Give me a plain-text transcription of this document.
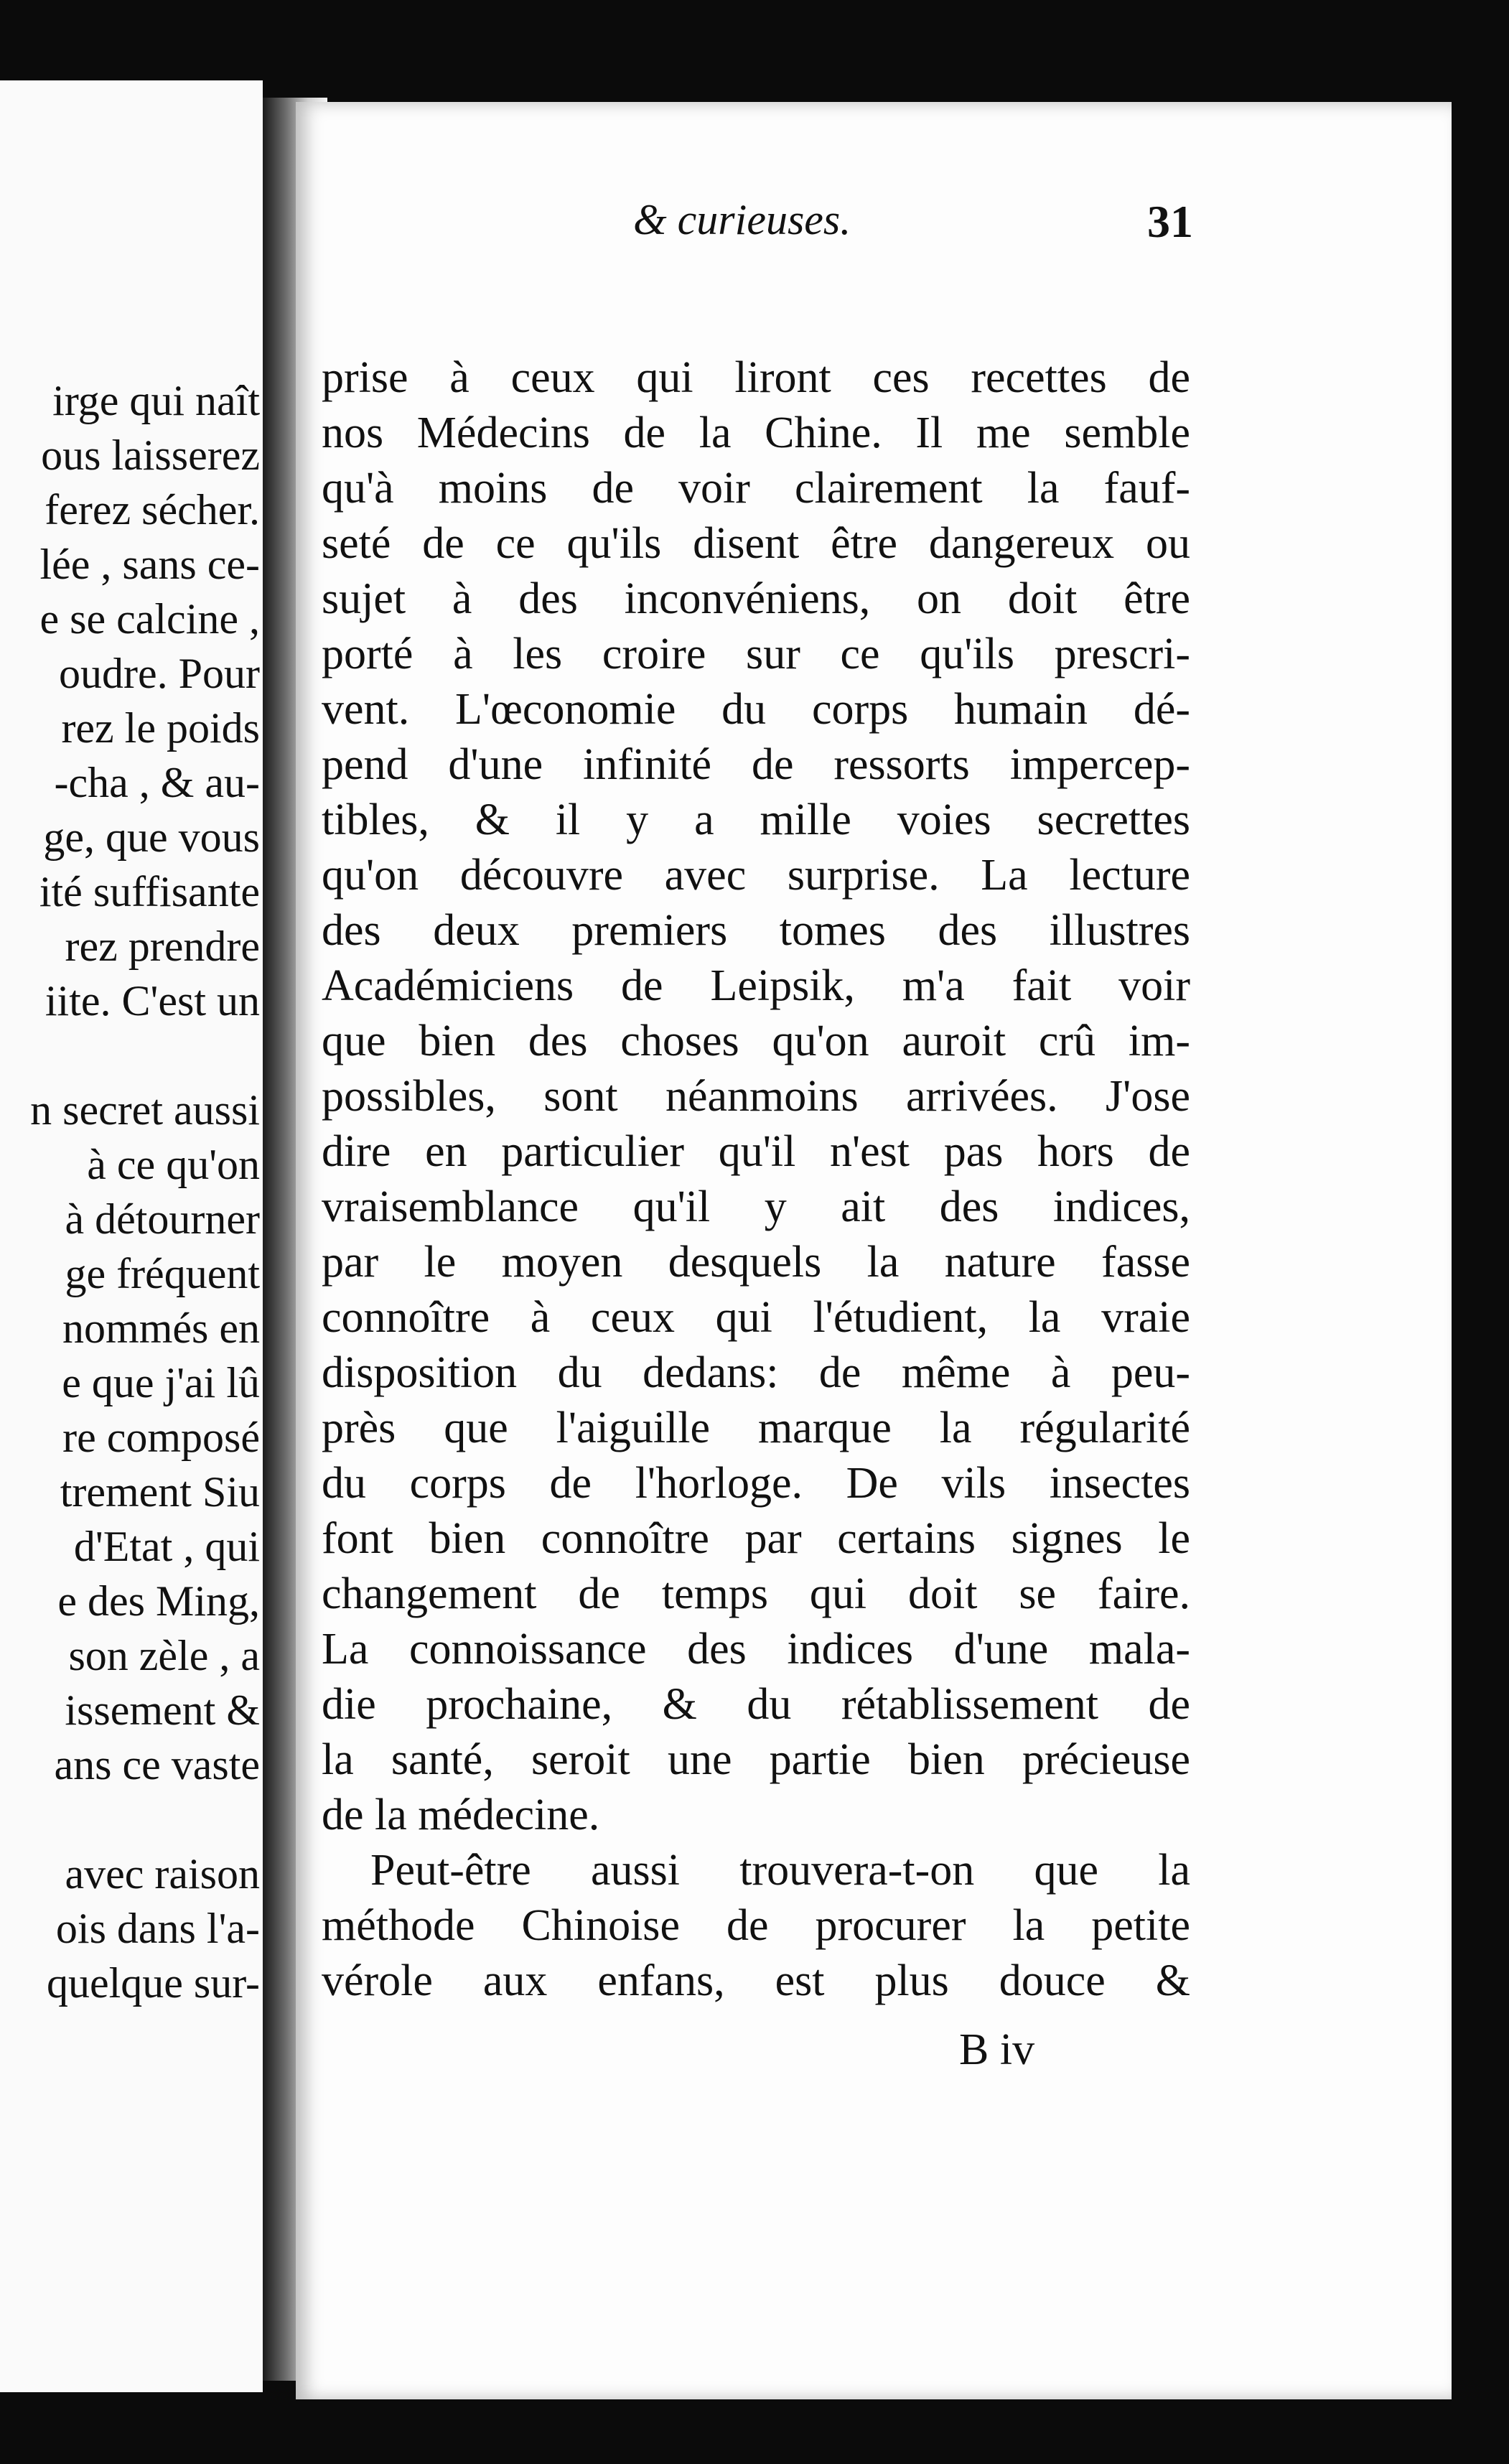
irge qui naît
ous laisserez
ferez sécher.
lée , sans ce-
e se calcine ,
oudre. Pour
rez le poids
-cha , & au-
ge, que vous
ité suffisante
rez prendre
iite. C'est un
n secret aussi
à ce qu'on
à détourner
ge fréquent
nommés en
e que j'ai lû
re composé
trement Siu
d'Etat , qui
e des Ming,
son zèle , a
issement &
ans ce vaste
avec raison
ois dans l'a-
quelque sur-
& curieuses.	31
prise à ceux qui liront ces recettes de
nos Médecins de la Chine. Il me semble
qu'à moins de voir clairement la fauf-
seté de ce qu'ils disent être dangereux ou
sujet à des inconvéniens, on doit être
porté à les croire sur ce qu'ils prescri-
vent. L'œconomie du corps humain dé-
pend d'une infinité de ressorts impercep-
tibles, & il y a mille voies secrettes
qu'on découvre avec surprise. La lecture
des deux premiers tomes des illustres
Académiciens de Leipsik, m'a fait voir
que bien des choses qu'on auroit crû im-
possibles, sont néanmoins arrivées. J'ose
dire en particulier qu'il n'est pas hors de
vraisemblance qu'il y ait des indices,
par le moyen desquels la nature fasse
connoître à ceux qui l'étudient, la vraie
disposition du dedans: de même à peu-
près que l'aiguille marque la régularité
du corps de l'horloge. De vils insectes
font bien connoître par certains signes le
changement de temps qui doit se faire.
La connoissance des indices d'une mala-
die prochaine, & du rétablissement de
la santé, seroit une partie bien précieuse
de la médecine.
Peut-être aussi trouvera-t-on que la
méthode Chinoise de procurer la petite
vérole aux enfans, est plus douce &
B iv
